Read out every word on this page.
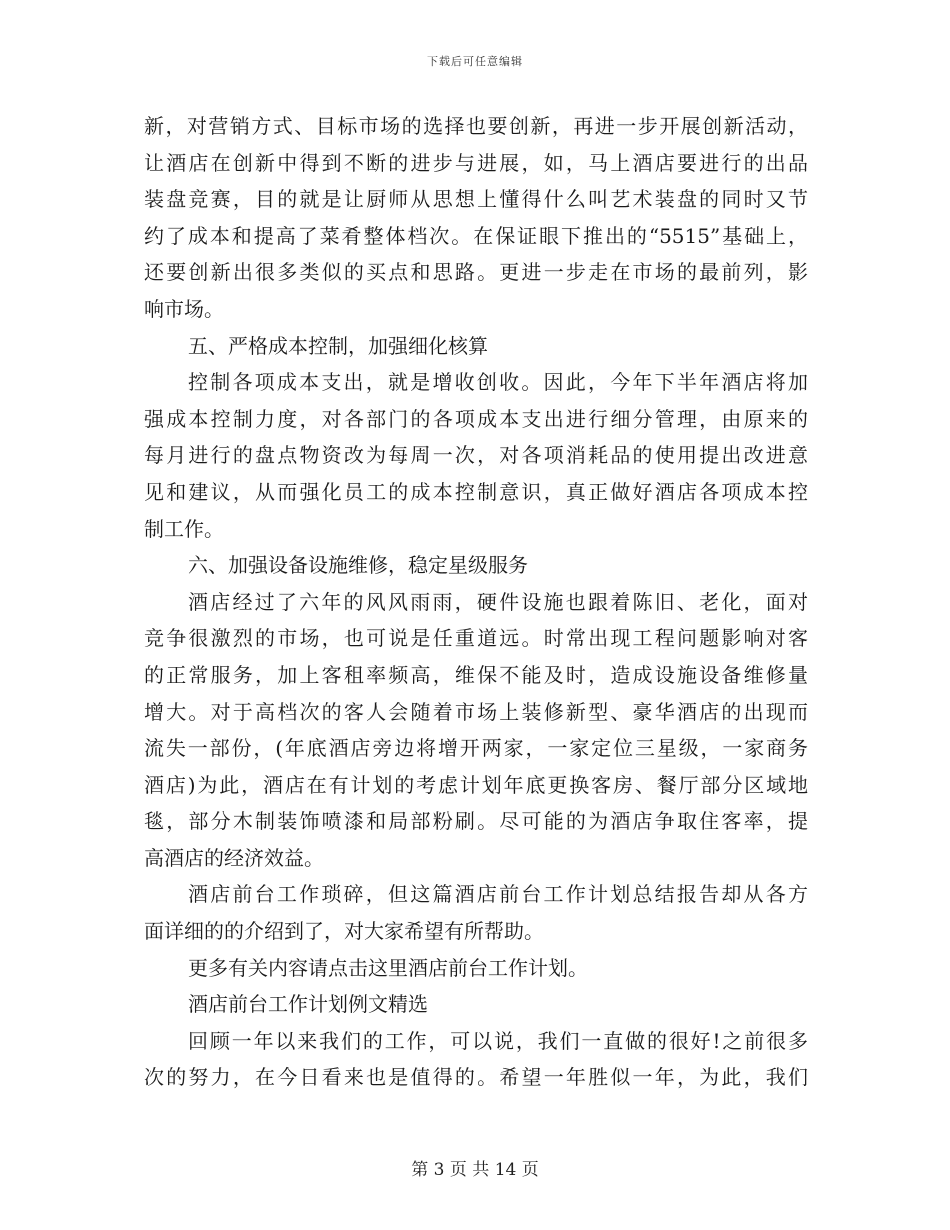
下载后可任意编辑
新，对营销方式、目标市场的选择也要创新，再进一步开展创新活动，
让酒店在创新中得到不断的进步与进展，如，马上酒店要进行的出品
装盘竞赛，目的就是让厨师从思想上懂得什么叫艺术装盘的同时又节
约了成本和提高了菜肴整体档次。在保证眼下推出的“5515”基础上，
还要创新出很多类似的买点和思路。更进一步走在市场的最前列，影
响市场。
五、严格成本控制，加强细化核算
控制各项成本支出，就是增收创收。因此，今年下半年酒店将加
强成本控制力度，对各部门的各项成本支出进行细分管理，由原来的
每月进行的盘点物资改为每周一次，对各项消耗品的使用提出改进意
见和建议，从而强化员工的成本控制意识，真正做好酒店各项成本控
制工作。
六、加强设备设施维修，稳定星级服务
酒店经过了六年的风风雨雨，硬件设施也跟着陈旧、老化，面对
竞争很激烈的市场，也可说是任重道远。时常出现工程问题影响对客
的正常服务，加上客租率频高，维保不能及时，造成设施设备维修量
增大。对于高档次的客人会随着市场上装修新型、豪华酒店的出现而
流失一部份，(年底酒店旁边将增开两家，一家定位三星级，一家商务
酒店)为此，酒店在有计划的考虑计划年底更换客房、餐厅部分区域地
毯，部分木制装饰喷漆和局部粉刷。尽可能的为酒店争取住客率，提
高酒店的经济效益。
酒店前台工作琐碎，但这篇酒店前台工作计划总结报告却从各方
面详细的的介绍到了，对大家希望有所帮助。
更多有关内容请点击这里酒店前台工作计划。
酒店前台工作计划例文精选
回顾一年以来我们的工作，可以说，我们一直做的很好!之前很多
次的努力，在今日看来也是值得的。希望一年胜似一年，为此，我们
第 3 页 共 14 页
